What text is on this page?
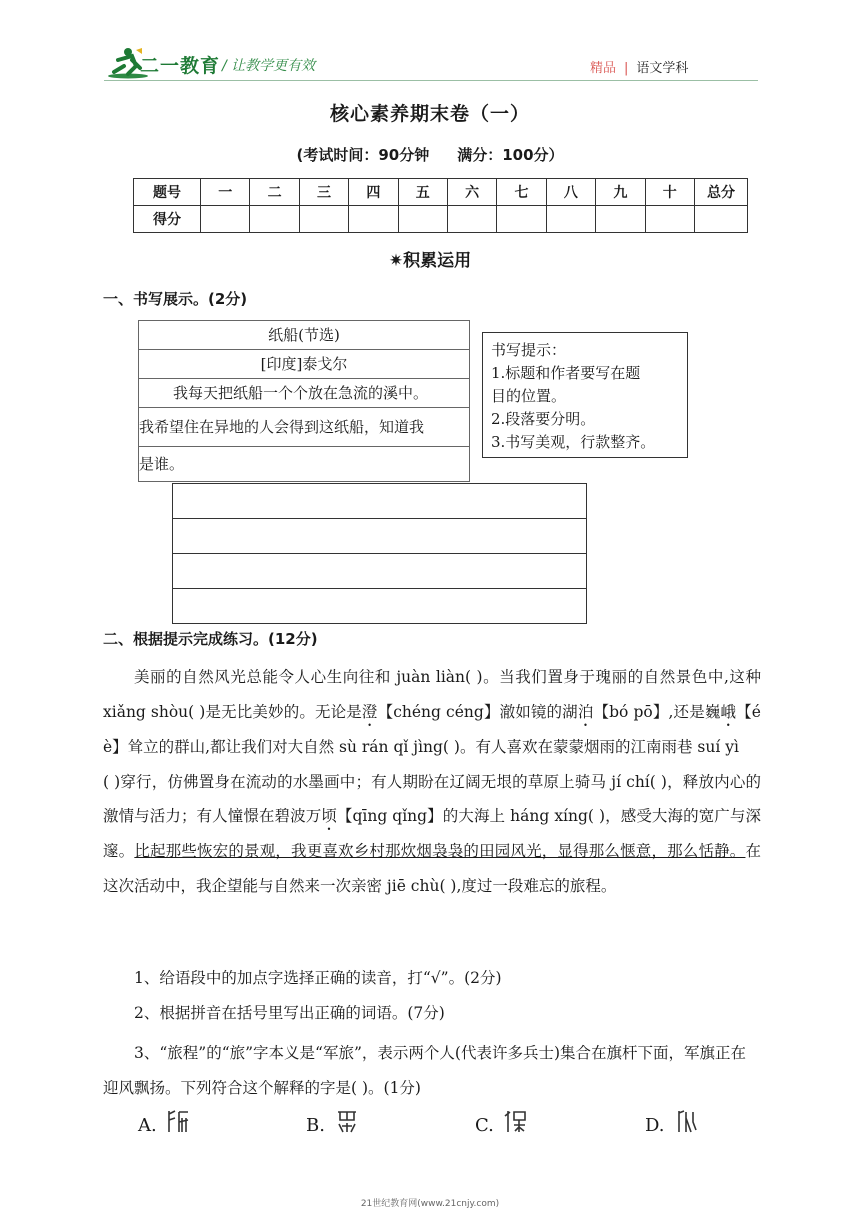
二一教育 / 让教学更有效	精品 | 语文学科
核心素养期末卷（一）
(考试时间：90分钟 满分：100分）
题号	一	二	三	四	五	六	七	八	九	十	总分
得分											
✷积累运用
一、书写展示。(2分)
纸船(节选)
[印度]泰戈尔
我每天把纸船一个个放在急流的溪中。
我希望住在异地的人会得到这纸船，知道我
是谁。
书写提示：
1.标题和作者要写在题
目的位置。
2.段落要分明。
3.书写美观，行款整齐。
二、根据提示完成练习。(12分)

美丽的自然风光总能令人心生向往和 juàn liàn( )。当我们置身于瑰丽的自然景色中,这种 xiǎng shòu( )是无比美妙的。无论是澄【chéng céng】澈如镜的湖泊【bó pō】,还是巍峨【é è】耸立的群山,都让我们对大自然 sù rán qǐ jìng( )。有人喜欢在蒙蒙烟雨的江南雨巷 suí yì

( )穿行，仿佛置身在流动的水墨画中；有人期盼在辽阔无垠的草原上骑马 jí chí( )，释放内心的激情与活力；有人憧憬在碧波万顷【qīng qǐng】的大海上 háng xíng( )，感受大海的宽广与深邃。比起那些恢宏的景观，我更喜欢乡村那炊烟袅袅的田园风光，显得那么惬意，那么恬静。在这次活动中，我企望能与自然来一次亲密 jiē chù( ),度过一段难忘的旅程。

1、给语段中的加点字选择正确的读音，打“√”。(2分)
2、根据拼音在括号里写出正确的词语。(7分)
3、“旅程”的“旅”字本义是“军旅”，表示两个人(代表许多兵士)集合在旗杆下面，军旗正在迎风飘扬。下列符合这个解释的字是( )。(1分)
A.	B.	C.	D.
21世纪教育网(www.21cnjy.com)
